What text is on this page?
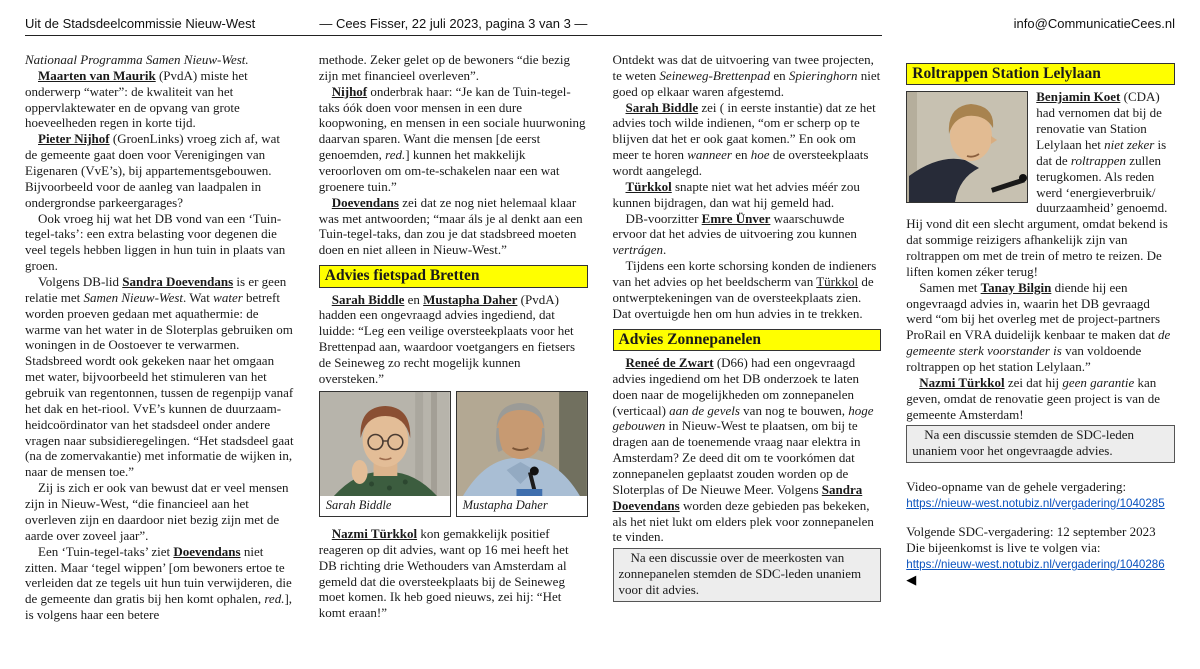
Uit de Stadsdeelcommissie Nieuw-West	— Cees Fisser, 22 juli 2023, pagina 3 van 3 —	info@CommunicatieCees.nl

Nationaal Programma Samen Nieuw-West.

Maarten van Maurik (PvdA) miste het onderwerp “water”: de kwaliteit van het oppervlaktewater en de opvang van grote hoeveelheden regen in korte tijd.

Pieter Nijhof (GroenLinks) vroeg zich af, wat de gemeente gaat doen voor Verenigingen van Eigenaren (VvE’s), bij appartementsgebouwen. Bijvoorbeeld voor de aanleg van laadpalen in ondergrondse parkeergarages?

Ook vroeg hij wat het DB vond van een ‘Tuin-tegel-taks’: een extra belasting voor degenen die veel tegels hebben liggen in hun tuin in plaats van groen.

Volgens DB-lid Sandra Doevendans is er geen relatie met Samen Nieuw-West. Wat water betreft worden proeven gedaan met aquathermie: de warme van het water in de Sloterplas gebruiken om woningen in de Oostoever te verwarmen. Stadsbreed wordt ook gekeken naar het omgaan met water, bijvoorbeeld het stimuleren van het gebruik van regentonnen, tussen de regenpijp vanaf het dak en het-riool. VvE’s kunnen de duurzaam-heidcoördinator van het stadsdeel onder andere vragen naar subsidieregelingen. “Het stadsdeel gaat (na de zomervakantie) met informatie de wijken in, naar de mensen toe.”

Zij is zich er ook van bewust dat er veel mensen zijn in Nieuw-West, “die financieel aan het overleven zijn en daardoor niet bezig zijn met de aarde over zoveel jaar”.

Een ‘Tuin-tegel-taks’ ziet Doevendans niet zitten. Maar ‘tegel wippen’ [om bewoners ertoe te verleiden dat ze tegels uit hun tuin verwijderen, die de gemeente dan gratis bij hen komt ophalen, red.], is volgens haar een betere

methode. Zeker gelet op de bewoners “die bezig zijn met financieel overleven”.

Nijhof onderbrak haar: “Je kan de Tuin-tegel-taks óók doen voor mensen in een dure koopwoning, en mensen in een sociale huurwoning daarvan sparen. Want die mensen [de eerst genoemden, red.] kunnen het makkelijk veroorloven om om-te-schakelen naar een wat groenere tuin.”

Doevendans zei dat ze nog niet helemaal klaar was met antwoorden; “maar áls je al denkt aan een Tuin-tegel-taks, dan zou je dat stadsbreed moeten doen en niet alleen in Nieuw-West.”

Advies fietspad Bretten

Sarah Biddle en Mustapha Daher (PvdA) hadden een ongevraagd advies ingediend, dat luidde: “Leg een veilige oversteekplaats voor het Brettenpad aan, waardoor voetgangers en fietsers de Seineweg zo recht mogelijk kunnen oversteken.”

Sarah Biddle	Mustapha Daher

Nazmi Türkkol kon gemakkelijk positief reageren op dit advies, want op 16 mei heeft het DB richting drie Wethouders van Amsterdam al gemeld dat die oversteekplaats bij de Seineweg moet komen. Ik heb goed nieuws, zei hij: “Het komt eraan!”

Ontdekt was dat de uitvoering van twee projecten, te weten Seineweg-Brettenpad en Spieringhorn niet goed op elkaar waren afgestemd.

Sarah Biddle zei ( in eerste instantie) dat ze het advies toch wilde indienen, “om er scherp op te blijven dat het er ook gaat komen.” En ook om meer te horen wanneer en hoe de oversteekplaats wordt aangelegd.

Türkkol snapte niet wat het advies méér zou kunnen bijdragen, dan wat hij gemeld had.

DB-voorzitter Emre Ünver waarschuwde ervoor dat het advies de uitvoering zou kunnen vertrágen.

Tijdens een korte schorsing konden de indieners van het advies op het beeldscherm van Türkkol de ontwerptekeningen van de oversteekplaats zien. Dat overtuigde hen om hun advies in te trekken.

Advies Zonnepanelen

Reneé de Zwart (D66) had een ongevraagd advies ingediend om het DB onderzoek te laten doen naar de mogelijkheden om zonnepanelen (verticaal) aan de gevels van nog te bouwen, hoge gebouwen in Nieuw-West te plaatsen, om bij te dragen aan de toenemende vraag naar elektra in Amsterdam? Ze deed dit om te voorkómen dat zonnepanelen geplaatst zouden worden op de Sloterplas of De Nieuwe Meer. Volgens Sandra Doevendans worden deze gebieden pas bekeken, als het niet lukt om elders plek voor zonnepanelen te vinden.

Na een discussie over de meerkosten van zonnepanelen stemden de SDC-leden unaniem voor dit advies.
Roltrappen Station Lelylaan
Benjamin Koet (CDA) had vernomen dat bij de renovatie van Station Lelylaan het niet zeker is dat de roltrappen zullen terugkomen. Als reden werd ‘energieverbruik/ duurzaamheid’ genoemd. Hij vond dit een slecht argument, omdat bekend is dat sommige reizigers afhankelijk zijn van roltrappen om met de trein of metro te reizen. De liften komen zéker terug!

Samen met Tanay Bilgin diende hij een ongevraagd advies in, waarin het DB gevraagd werd “om bij het overleg met de project-partners ProRail en VRA duidelijk kenbaar te maken dat de gemeente sterk voorstander is van voldoende roltrappen op het station Lelylaan.”

Nazmi Türkkol zei dat hij geen garantie kan geven, omdat de renovatie geen project is van de gemeente Amsterdam!

Na een discussie stemden de SDC-leden unaniem voor het ongevraagde advies.
Video-opname van de gehele vergadering:
https://nieuw-west.notubiz.nl/vergadering/1040285
Volgende SDC-vergadering: 12 september 2023
Die bijeenkomst is live te volgen via:
https://nieuw-west.notubiz.nl/vergadering/1040286 ◀
